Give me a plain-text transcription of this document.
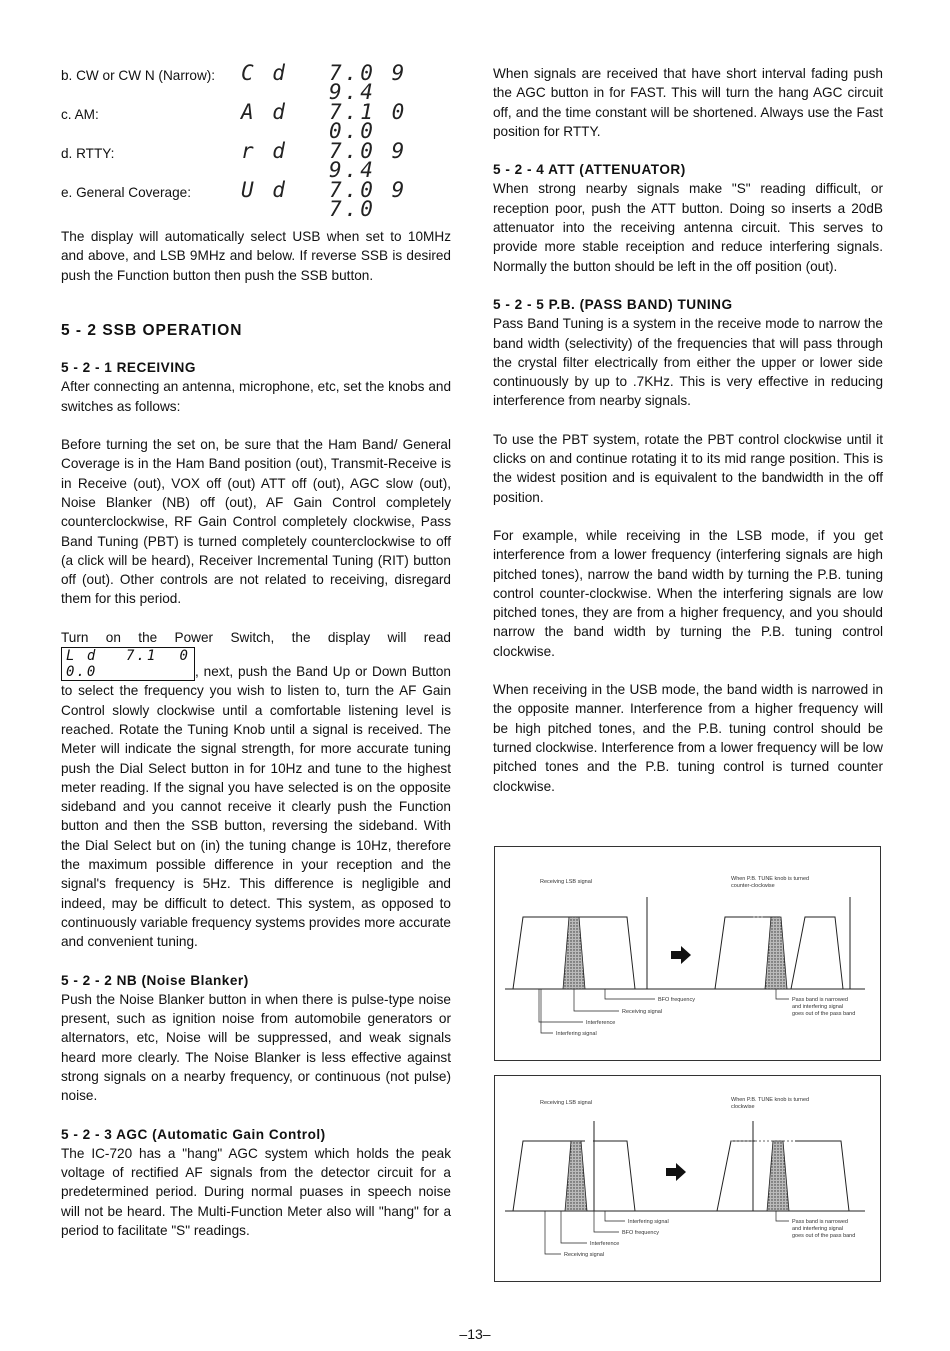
b. CW or CW N (Narrow): C d 7.0 9 9.4
c. AM:	A d 7.1 0 0.0
d. RTTY:	r d 7.0 9 9.4
e. General Coverage: U d 7.0 9 7.0

The display will automatically select USB when set to 10MHz and above, and LSB 9MHz and below. If reverse SSB is desired push the Function button then push the SSB button.

5 - 2 SSB OPERATION
5 - 2 - 1 RECEIVING

After connecting an antenna, microphone, etc, set the knobs and switches as follows:

Before turning the set on, be sure that the Ham Band/ General Coverage is in the Ham Band position (out), Transmit-Receive is in Receive (out), VOX off (out) ATT off (out), AGC slow (out), Noise Blanker (NB) off (out), AF Gain Control completely counterclockwise, RF Gain Control completely clockwise, Pass Band Tuning (PBT) is turned completely counterclockwise to off (a click will be heard), Receiver Incremental Tuning (RIT) button off (out). Other controls are not related to receiving, disregard them for this period.

Turn on the Power Switch, the display will read L d 7.1 0 0.0	, next, push the Band Up or Down Button to select the frequency you wish to listen to, turn the AF Gain Control slowly clockwise until a comfortable listening level is reached. Rotate the Tuning Knob until a signal is received. The Meter will indicate the signal strength, for more accurate tuning push the Dial Select button in for 10Hz and tune to the highest meter reading. If the signal you have selected is on the opposite sideband and you cannot receive it clearly push the Function button and then the SSB button, reversing the sideband. With the Dial Select but on (in) the tuning change is 10Hz, therefore the maximum possible difference in your reception and the signal's frequency is 5Hz. This difference is negligible and indeed, may be difficult to detect. This system, as opposed to continuously variable frequency systems provides more accurate and convenient tuning.

5 - 2 - 2 NB (Noise Blanker)

Push the Noise Blanker button in when there is pulse-type noise present, such as ignition noise from automobile generators or alternators, etc, Noise will be suppressed, and weak signals heard more clearly. The Noise Blanker is less effective against strong signals on a nearby frequency, or continuous (not pulse) noise.

5 - 2 - 3 AGC (Automatic Gain Control)

The IC-720 has a "hang" AGC system which holds the peak voltage of rectified AF signals from the detector circuit for a predetermined period. During normal puases in speech noise will not be heard. The Multi-Function Meter also will "hang" for a period to facilitate "S" readings.

When signals are received that have short interval fading push the AGC button in for FAST. This will turn the hang AGC circuit off, and the time constant will be shortened. Always use the Fast position for RTTY.

5 - 2 - 4 ATT (ATTENUATOR)

When strong nearby signals make "S" reading difficult, or reception poor, push the ATT button. Doing so inserts a 20dB attenuator into the receiving antenna circuit. This serves to provide more stable receiption and reduce interfering signals. Normally the button should be left in the off position (out).

5 - 2 - 5 P.B. (PASS BAND) TUNING

Pass Band Tuning is a system in the receive mode to narrow the band width (selectivity) of the frequencies that will pass through the crystal filter electrically from either the upper or lower side continuously by up to .7KHz. This is very effective in reducing interference from nearby signals.

To use the PBT system, rotate the PBT control clockwise until it clicks on and continue rotating it to its mid range position. This is the widest position and is equivalent to the bandwidth in the off position.

For example, while receiving in the LSB mode, if you get interference from a lower frequency (interfering signals are high pitched tones), narrow the band width by turning the P.B. tuning control counter-clockwise. When the interfering signals are low pitched tones, they are from a higher frequency, and you should narrow the band width by turning the P.B. tuning control clockwise.

When receiving in the USB mode, the band width is narrowed in the opposite manner. Interference from a higher frequency will be high pitched tones, and the P.B. tuning control should be turned clockwise. Interference from a lower frequency will be low pitched tones and the P.B. tuning control is turned counter clockwise.

Receiving LSB signal	When P.B. TUNE knob is turned
counter-clockwise
BFO frequency
Receiving signal
Interference
Interfering signal
Pass band is narrowed
and interfering signal
goes out of the pass band
Receiving LSB signal	When P.B. TUNE knob is turned
clockwise
Interfering signal
BFO frequency
Interference
Receiving signal
Pass band is narrowed
and interfering signal
goes out of the pass band
–13–
